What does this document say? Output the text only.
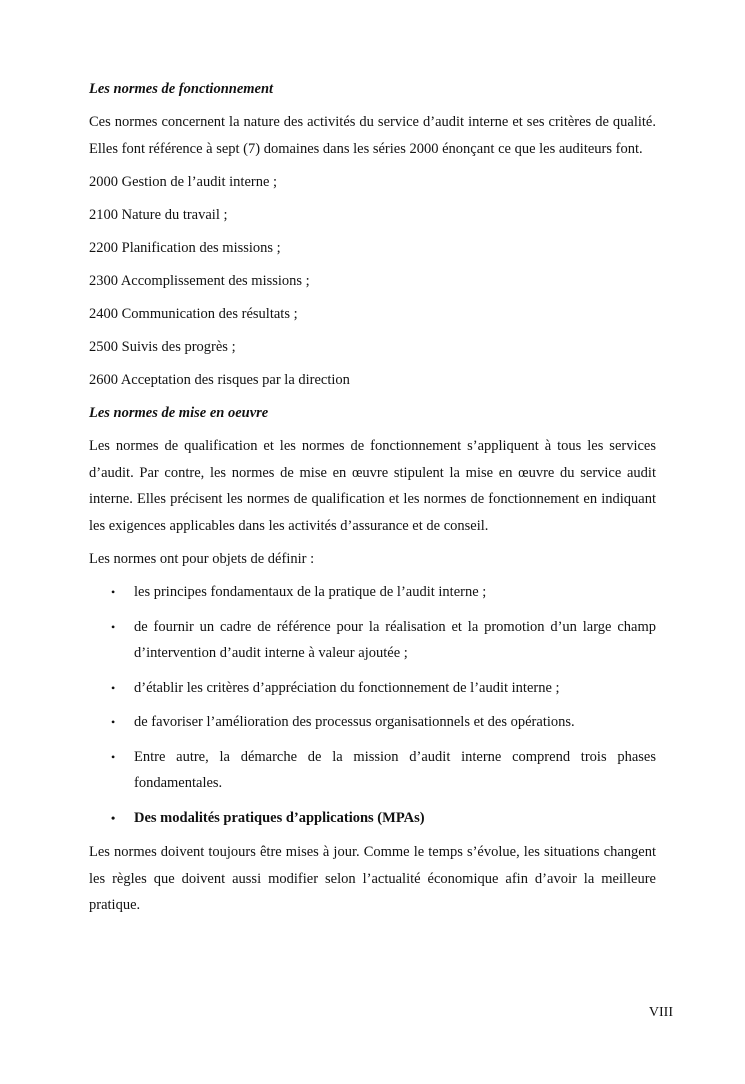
Les normes de fonctionnement

Ces normes concernent la nature des activités du service d’audit interne et ses critères de qualité. Elles font référence à sept (7) domaines dans les séries 2000 énonçant ce que les auditeurs font.

2000 Gestion de l’audit interne ;

2100 Nature du travail ;

2200 Planification des missions ;

2300 Accomplissement des missions ;

2400 Communication des résultats ;

2500 Suivis des progrès ;

2600 Acceptation des risques par la direction

Les normes de mise en oeuvre

Les normes de qualification et les normes de fonctionnement s’appliquent à tous les services d’audit. Par contre, les normes de mise en œuvre stipulent la mise en œuvre du service audit interne. Elles précisent les normes de qualification et les normes de fonctionnement en indiquant les exigences applicables dans les activités d’assurance et de conseil.

Les normes ont pour objets de définir :

• les principes fondamentaux de la pratique de l’audit interne ;
• de fournir un cadre de référence pour la réalisation et la promotion d’un large champ d’intervention d’audit interne à valeur ajoutée ;
• d’établir les critères d’appréciation du fonctionnement de l’audit interne ;
• de favoriser l’amélioration des processus organisationnels et des opérations.
• Entre autre, la démarche de la mission d’audit interne comprend trois phases fondamentales.
• Des modalités pratiques d’applications (MPAs)

Les normes doivent toujours être mises à jour. Comme le temps s’évolue, les situations changent les règles que doivent aussi modifier selon l’actualité économique afin d’avoir la meilleure pratique.

VIII
